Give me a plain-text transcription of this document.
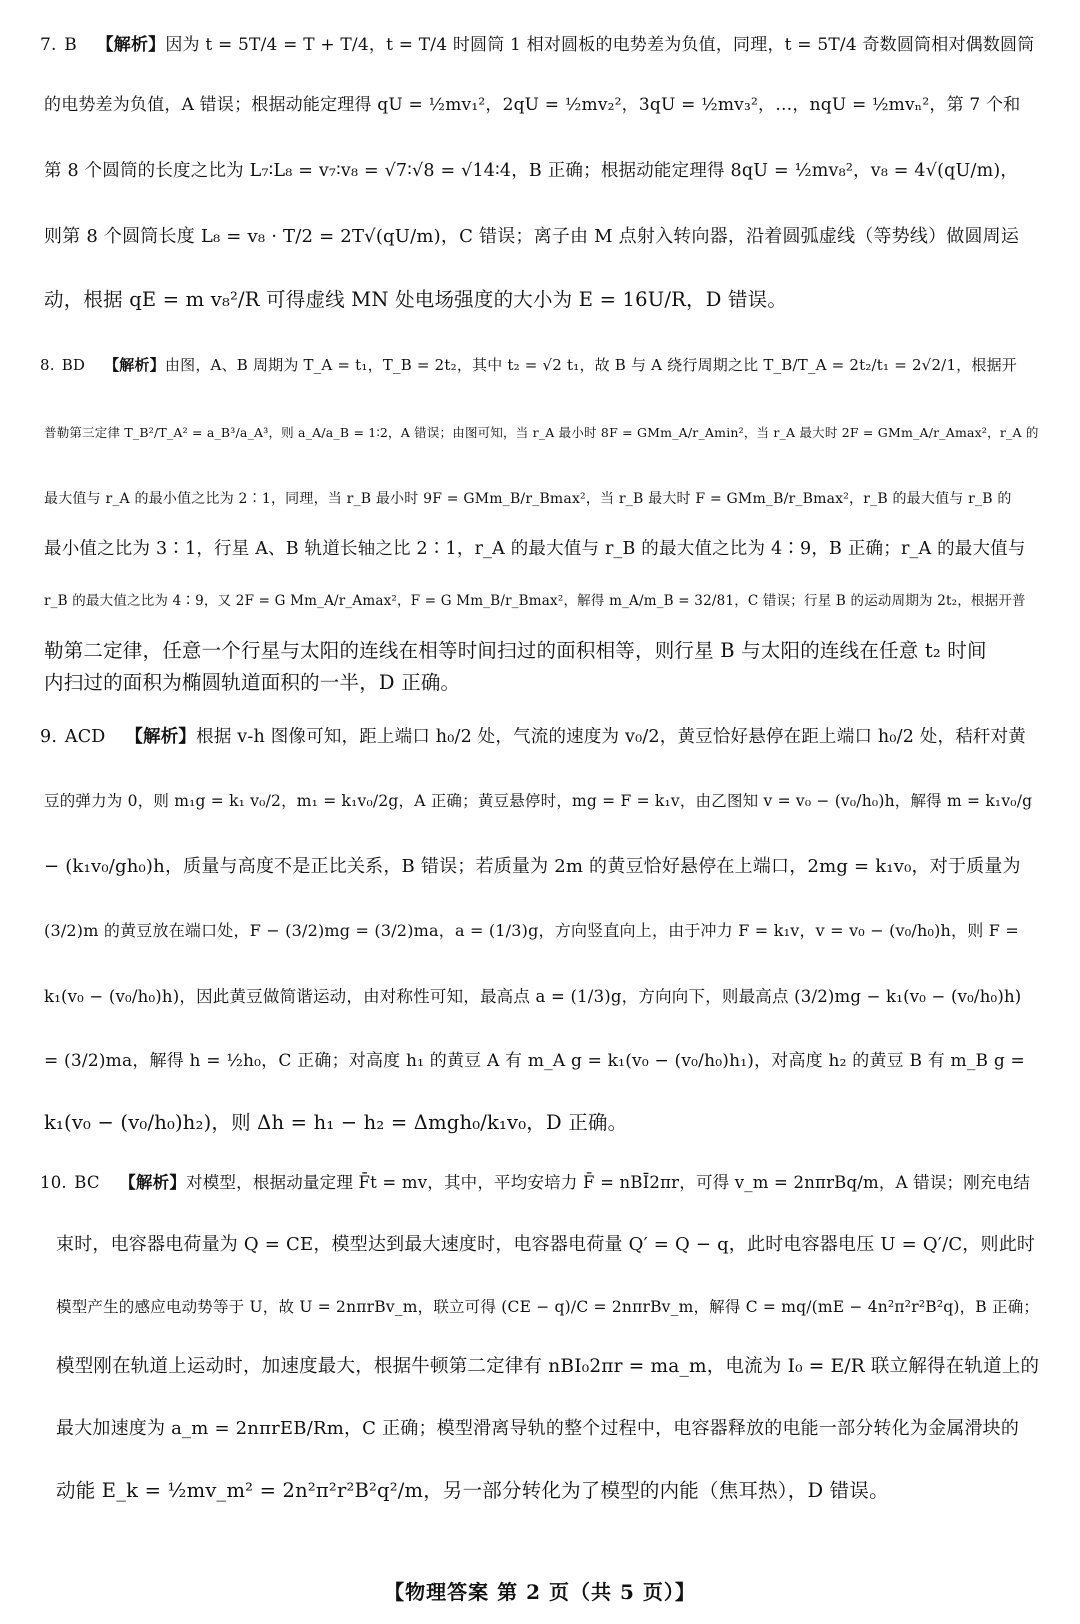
7. B 【解析】因为 t = 5T/4 = T + T/4，t = T/4 时圆筒 1 相对圆板的电势差为负值，同理，t = 5T/4 奇数圆筒相对偶数圆筒
的电势差为负值，A 错误；根据动能定理得 qU = ½mv₁²，2qU = ½mv₂²，3qU = ½mv₃²，…，nqU = ½mvₙ²，第 7 个和
第 8 个圆筒的长度之比为 L₇∶L₈ = v₇∶v₈ = √7∶√8 = √14∶4，B 正确；根据动能定理得 8qU = ½mv₈²，v₈ = 4√(qU/m)，
则第 8 个圆筒长度 L₈ = v₈ · T/2 = 2T√(qU/m)，C 错误；离子由 M 点射入转向器，沿着圆弧虚线（等势线）做圆周运
动，根据 qE = m v₈²/R 可得虚线 MN 处电场强度的大小为 E = 16U/R，D 错误。
8. BD 【解析】由图，A、B 周期为 T_A = t₁，T_B = 2t₂，其中 t₂ = √2 t₁，故 B 与 A 绕行周期之比 T_B/T_A = 2t₂/t₁ = 2√2/1，根据开
普勒第三定律 T_B²/T_A² = a_B³/a_A³，则 a_A/a_B = 1∶2，A 错误；由图可知，当 r_A 最小时 8F = GMm_A/r_Amin²，当 r_A 最大时 2F = GMm_A/r_Amax²，r_A 的
最大值与 r_A 的最小值之比为 2∶1，同理，当 r_B 最小时 9F = GMm_B/r_Bmax²，当 r_B 最大时 F = GMm_B/r_Bmax²，r_B 的最大值与 r_B 的
最小值之比为 3∶1，行星 A、B 轨道长轴之比 2∶1，r_A 的最大值与 r_B 的最大值之比为 4∶9，B 正确；r_A 的最大值与
r_B 的最大值之比为 4∶9，又 2F = G Mm_A/r_Amax²，F = G Mm_B/r_Bmax²，解得 m_A/m_B = 32/81，C 错误；行星 B 的运动周期为 2t₂，根据开普
勒第二定律，任意一个行星与太阳的连线在相等时间扫过的面积相等，则行星 B 与太阳的连线在任意 t₂ 时间
内扫过的面积为椭圆轨道面积的一半，D 正确。
9. ACD 【解析】根据 v-h 图像可知，距上端口 h₀/2 处，气流的速度为 v₀/2，黄豆恰好悬停在距上端口 h₀/2 处，秸秆对黄
豆的弹力为 0，则 m₁g = k₁ v₀/2，m₁ = k₁v₀/2g，A 正确；黄豆悬停时，mg = F = k₁v，由乙图知 v = v₀ − (v₀/h₀)h，解得 m = k₁v₀/g
− (k₁v₀/gh₀)h，质量与高度不是正比关系，B 错误；若质量为 2m 的黄豆恰好悬停在上端口，2mg = k₁v₀，对于质量为
(3/2)m 的黄豆放在端口处，F − (3/2)mg = (3/2)ma，a = (1/3)g，方向竖直向上，由于冲力 F = k₁v，v = v₀ − (v₀/h₀)h，则 F =
k₁(v₀ − (v₀/h₀)h)，因此黄豆做简谐运动，由对称性可知，最高点 a = (1/3)g，方向向下，则最高点 (3/2)mg − k₁(v₀ − (v₀/h₀)h)
= (3/2)ma，解得 h = ½h₀，C 正确；对高度 h₁ 的黄豆 A 有 m_A g = k₁(v₀ − (v₀/h₀)h₁)，对高度 h₂ 的黄豆 B 有 m_B g =
k₁(v₀ − (v₀/h₀)h₂)，则 Δh = h₁ − h₂ = Δmgh₀/k₁v₀，D 正确。
10. BC 【解析】对模型，根据动量定理 F̄t = mv，其中，平均安培力 F̄ = nBĪ2πr，可得 v_m = 2nπrBq/m，A 错误；刚充电结
束时，电容器电荷量为 Q = CE，模型达到最大速度时，电容器电荷量 Q′ = Q − q，此时电容器电压 U = Q′/C，则此时
模型产生的感应电动势等于 U，故 U = 2nπrBv_m，联立可得 (CE − q)/C = 2nπrBv_m，解得 C = mq/(mE − 4n²π²r²B²q)，B 正确；
模型刚在轨道上运动时，加速度最大，根据牛顿第二定律有 nBI₀2πr = ma_m，电流为 I₀ = E/R 联立解得在轨道上的
最大加速度为 a_m = 2nπrEB/Rm，C 正确；模型滑离导轨的整个过程中，电容器释放的电能一部分转化为金属滑块的
动能 E_k = ½mv_m² = 2n²π²r²B²q²/m，另一部分转化为了模型的内能（焦耳热），D 错误。
【物理答案 第 2 页（共 5 页）】
